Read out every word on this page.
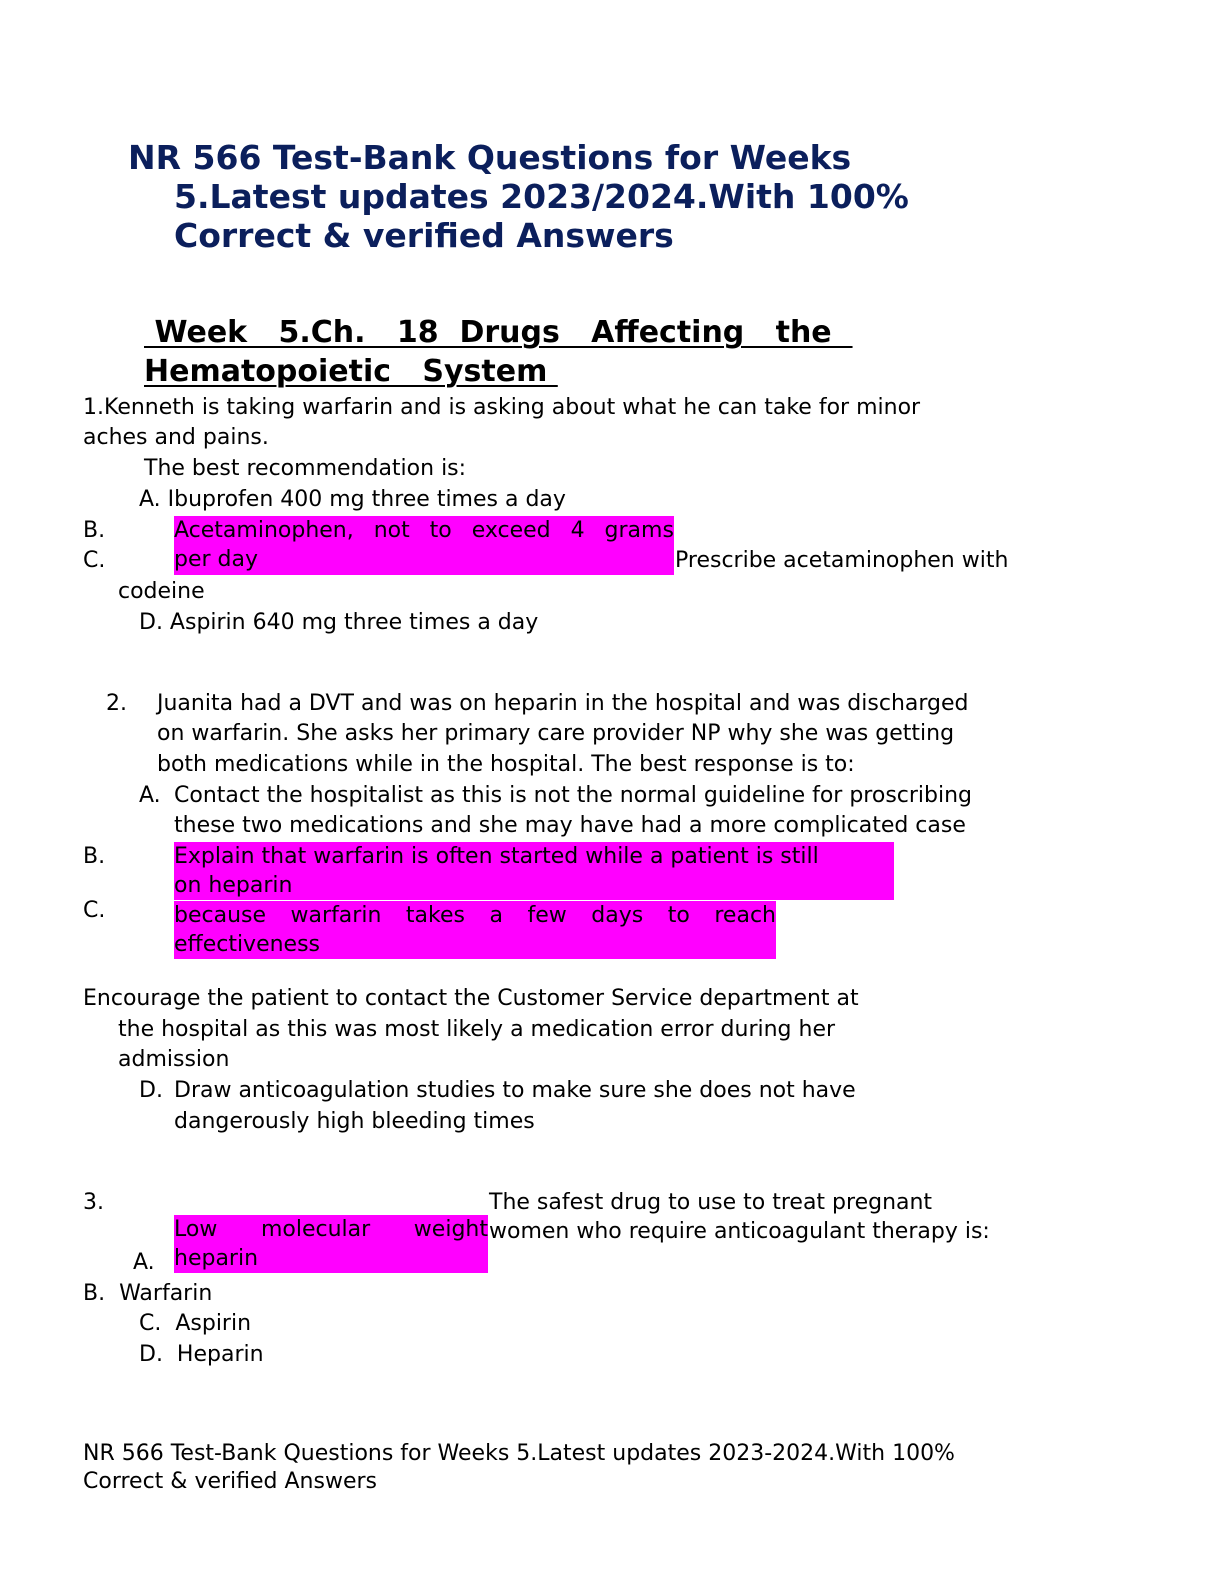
NR 566 Test-Bank Questions for Weeks
5.Latest updates 2023/2024.With 100%
Correct & verified Answers
Week   5.Ch.   18  Drugs   Affecting   the
Hematopoietic   System
1.Kenneth is taking warfarin and is asking about what he can take for minor
aches and pains.
The best recommendation is:
A. Ibuprofen 400 mg three times a day
B.
C.
Acetaminophen, not to exceed 4 grams
per day	Prescribe acetaminophen with
codeine
D. Aspirin 640 mg three times a day
2. Juanita had a DVT and was on heparin in the hospital and was discharged
on warfarin. She asks her primary care provider NP why she was getting
both medications while in the hospital. The best response is to:
A. Contact the hospitalist as this is not the normal guideline for proscribing
these two medications and she may have had a more complicated case
B.
C.
Explain that warfarin is often started while a patient is still
on heparin
because warfarin takes a few days to reach
effectiveness
Encourage the patient to contact the Customer Service department at
the hospital as this was most likely a medication error during her
admission
D. Draw anticoagulation studies to make sure she does not have
dangerously high bleeding times
3.	The safest drug to use to treat pregnant
women who require anticoagulant therapy is:
Low molecular weight
heparin
A.
B.  Warfarin
C.  Aspirin
D.  Heparin
NR 566 Test-Bank Questions for Weeks 5.Latest updates 2023-2024.With 100%
Correct & verified Answers
